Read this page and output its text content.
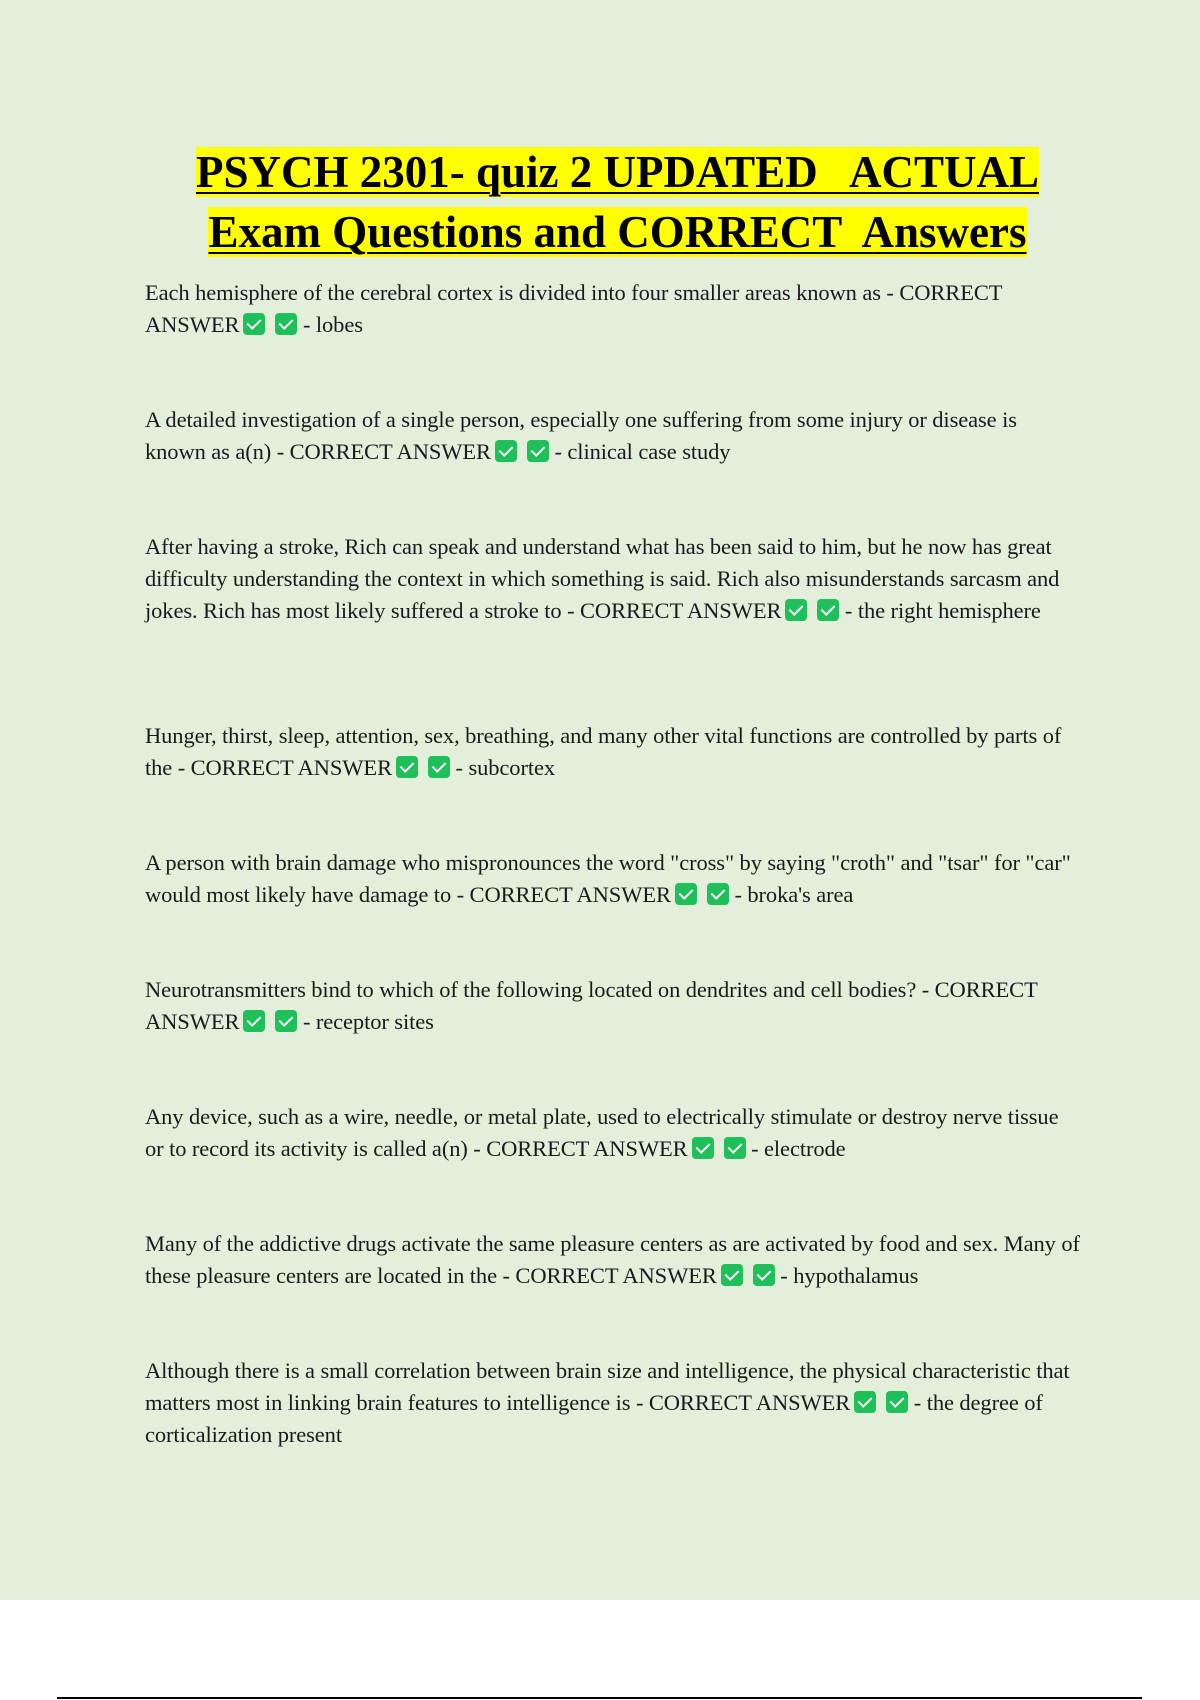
PSYCH 2301- quiz 2 UPDATED   ACTUAL
Exam Questions and CORRECT  Answers
Each hemisphere of the cerebral cortex is divided into four smaller areas known as - CORRECT ANSWER	- lobes
A detailed investigation of a single person, especially one suffering from some injury or disease is known as a(n) - CORRECT ANSWER	- clinical case study
After having a stroke, Rich can speak and understand what has been said to him, but he now has great difficulty understanding the context in which something is said. Rich also misunderstands sarcasm and jokes. Rich has most likely suffered a stroke to - CORRECT ANSWER	- the right hemisphere
Hunger, thirst, sleep, attention, sex, breathing, and many other vital functions are controlled by parts of the - CORRECT ANSWER	- subcortex
A person with brain damage who mispronounces the word "cross" by saying "croth" and "tsar" for "car" would most likely have damage to - CORRECT ANSWER	- broka's area
Neurotransmitters bind to which of the following located on dendrites and cell bodies? - CORRECT ANSWER	- receptor sites
Any device, such as a wire, needle, or metal plate, used to electrically stimulate or destroy nerve tissue or to record its activity is called a(n) - CORRECT ANSWER	- electrode
Many of the addictive drugs activate the same pleasure centers as are activated by food and sex. Many of these pleasure centers are located in the - CORRECT ANSWER	- hypothalamus
Although there is a small correlation between brain size and intelligence, the physical characteristic that matters most in linking brain features to intelligence is - CORRECT ANSWER	- the degree of corticalization present
